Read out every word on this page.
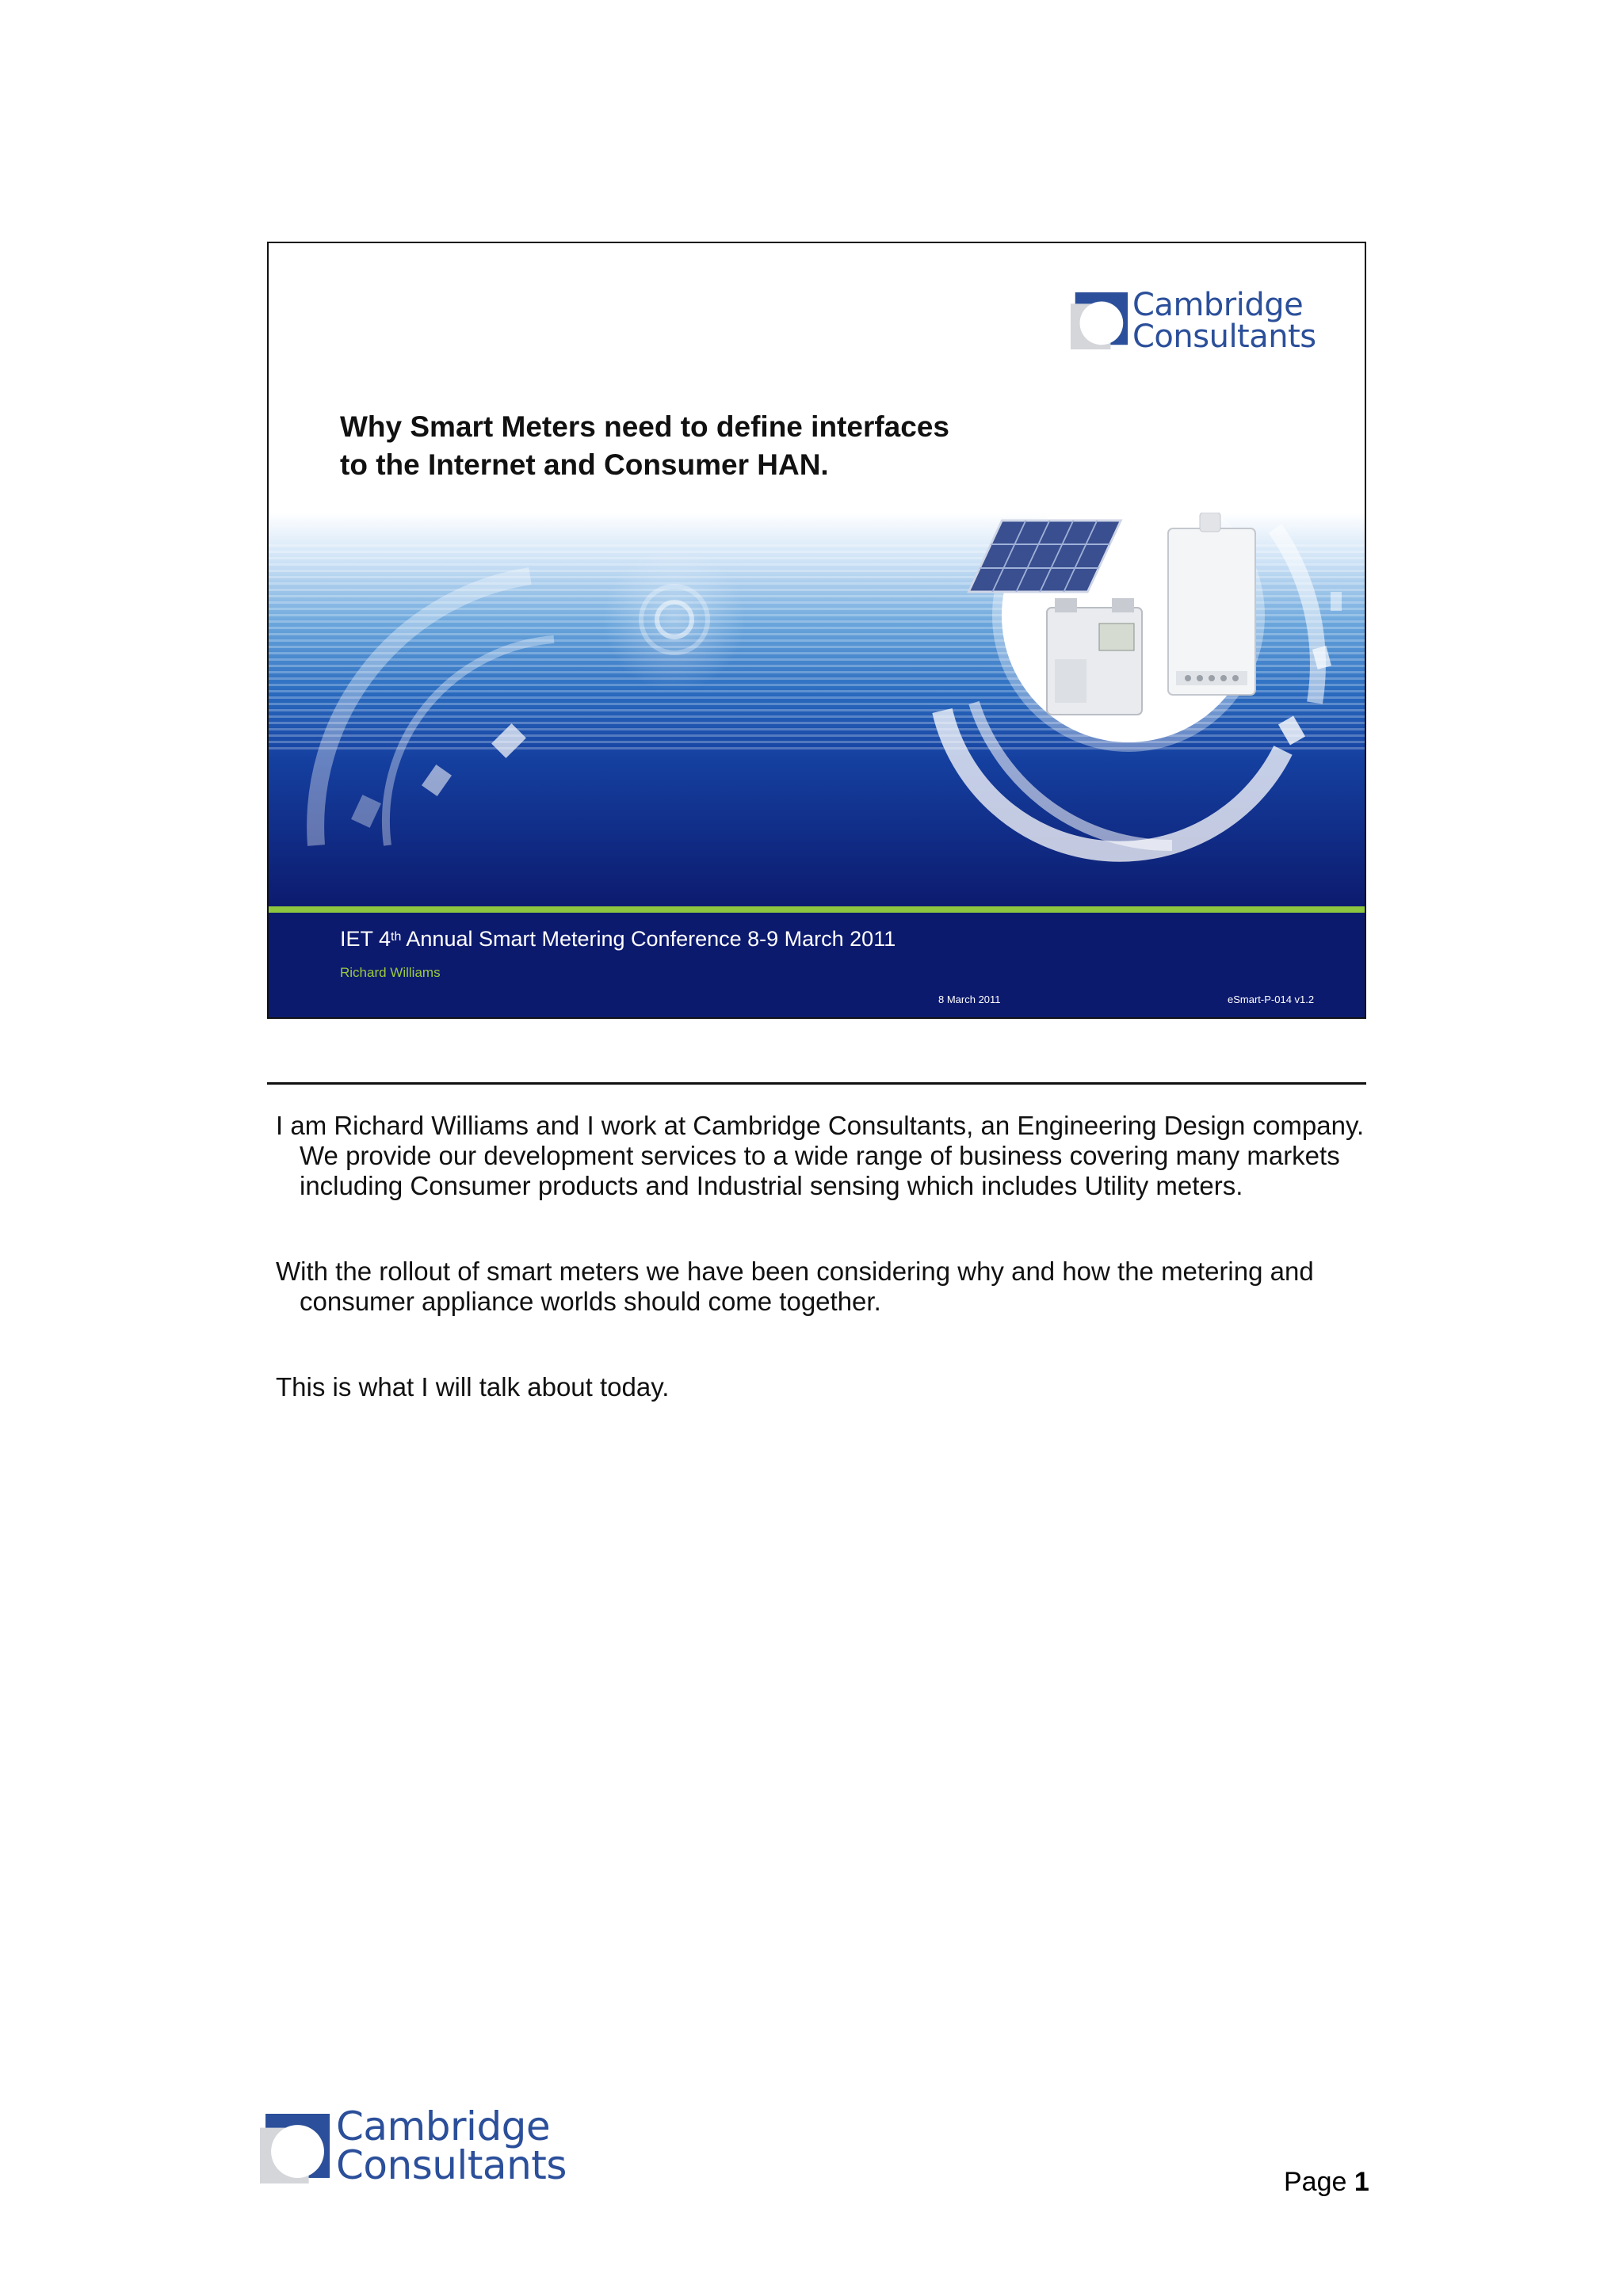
Cambridge
Consultants
Why Smart Meters need to define interfaces
to the Internet and Consumer HAN.
IET 4th Annual Smart Metering Conference 8-9 March 2011
Richard Williams
8 March 2011	eSmart-P-014 v1.2

I am Richard Williams and I work at Cambridge Consultants, an Engineering Design company. We provide our development services to a wide range of business covering many markets including Consumer products and Industrial sensing which includes Utility meters.

With the rollout of smart meters we have been considering why and how the metering and consumer appliance worlds should come together.

This is what I will talk about today.

Cambridge
Consultants	Page 1
